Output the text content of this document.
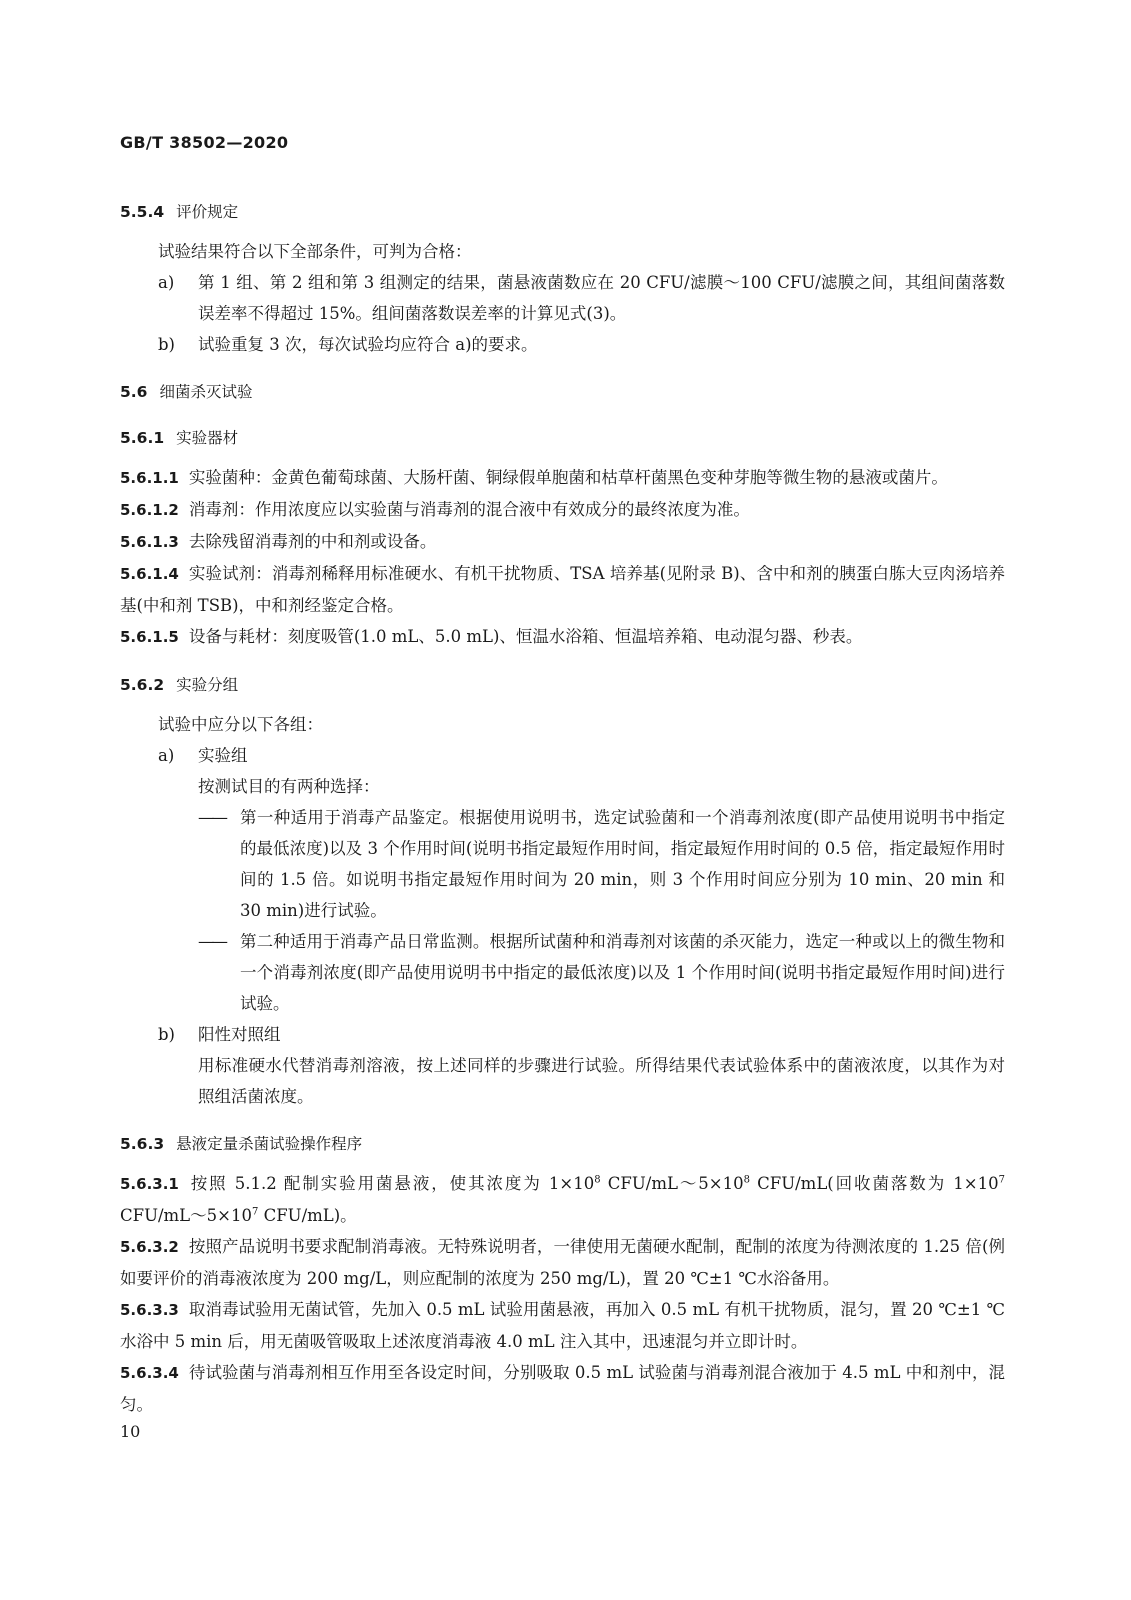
GB/T 38502—2020
5.5.4 评价规定
试验结果符合以下全部条件，可判为合格：
a) 第 1 组、第 2 组和第 3 组测定的结果，菌悬液菌数应在 20 CFU/滤膜～100 CFU/滤膜之间，其组间菌落数误差率不得超过 15%。组间菌落数误差率的计算见式(3)。
b) 试验重复 3 次，每次试验均应符合 a)的要求。
5.6 细菌杀灭试验
5.6.1 实验器材
5.6.1.1 实验菌种：金黄色葡萄球菌、大肠杆菌、铜绿假单胞菌和枯草杆菌黑色变种芽胞等微生物的悬液或菌片。
5.6.1.2 消毒剂：作用浓度应以实验菌与消毒剂的混合液中有效成分的最终浓度为准。
5.6.1.3 去除残留消毒剂的中和剂或设备。
5.6.1.4 实验试剂：消毒剂稀释用标准硬水、有机干扰物质、TSA 培养基(见附录 B)、含中和剂的胰蛋白胨大豆肉汤培养基(中和剂 TSB)，中和剂经鉴定合格。
5.6.1.5 设备与耗材：刻度吸管(1.0 mL、5.0 mL)、恒温水浴箱、恒温培养箱、电动混匀器、秒表。
5.6.2 实验分组
试验中应分以下各组：
a) 实验组
按测试目的有两种选择：
—— 第一种适用于消毒产品鉴定。根据使用说明书，选定试验菌和一个消毒剂浓度(即产品使用说明书中指定的最低浓度)以及 3 个作用时间(说明书指定最短作用时间，指定最短作用时间的 0.5 倍，指定最短作用时间的 1.5 倍。如说明书指定最短作用时间为 20 min，则 3 个作用时间应分别为 10 min、20 min 和 30 min)进行试验。
—— 第二种适用于消毒产品日常监测。根据所试菌种和消毒剂对该菌的杀灭能力，选定一种或以上的微生物和一个消毒剂浓度(即产品使用说明书中指定的最低浓度)以及 1 个作用时间(说明书指定最短作用时间)进行试验。
b) 阳性对照组
用标准硬水代替消毒剂溶液，按上述同样的步骤进行试验。所得结果代表试验体系中的菌液浓度，以其作为对照组活菌浓度。
5.6.3 悬液定量杀菌试验操作程序
5.6.3.1 按照 5.1.2 配制实验用菌悬液，使其浓度为 $1\times 10^8$ CFU/$mL\sim 5\times 10^8$ CFU/mL(回收菌落数为 $1\times 10^7$ CFU/$mL\sim 5\times 10^7$ CFU/mL)。
5.6.3.2 按照产品说明书要求配制消毒液。无特殊说明者，一律使用无菌硬水配制，配制的浓度为待测浓度的 1.25 倍(例如要评价的消毒液浓度为 200 mg/L，则应配制的浓度为 250 mg/L)，置 20 ℃±1 ℃水浴备用。
5.6.3.3 取消毒试验用无菌试管，先加入 0.5 mL 试验用菌悬液，再加入 0.5 mL 有机干扰物质，混匀，置 20 ℃±1 ℃水浴中 5 min 后，用无菌吸管吸取上述浓度消毒液 4.0 mL 注入其中，迅速混匀并立即计时。
5.6.3.4 待试验菌与消毒剂相互作用至各设定时间，分别吸取 0.5 mL 试验菌与消毒剂混合液加于 4.5 mL 中和剂中，混匀。
10
